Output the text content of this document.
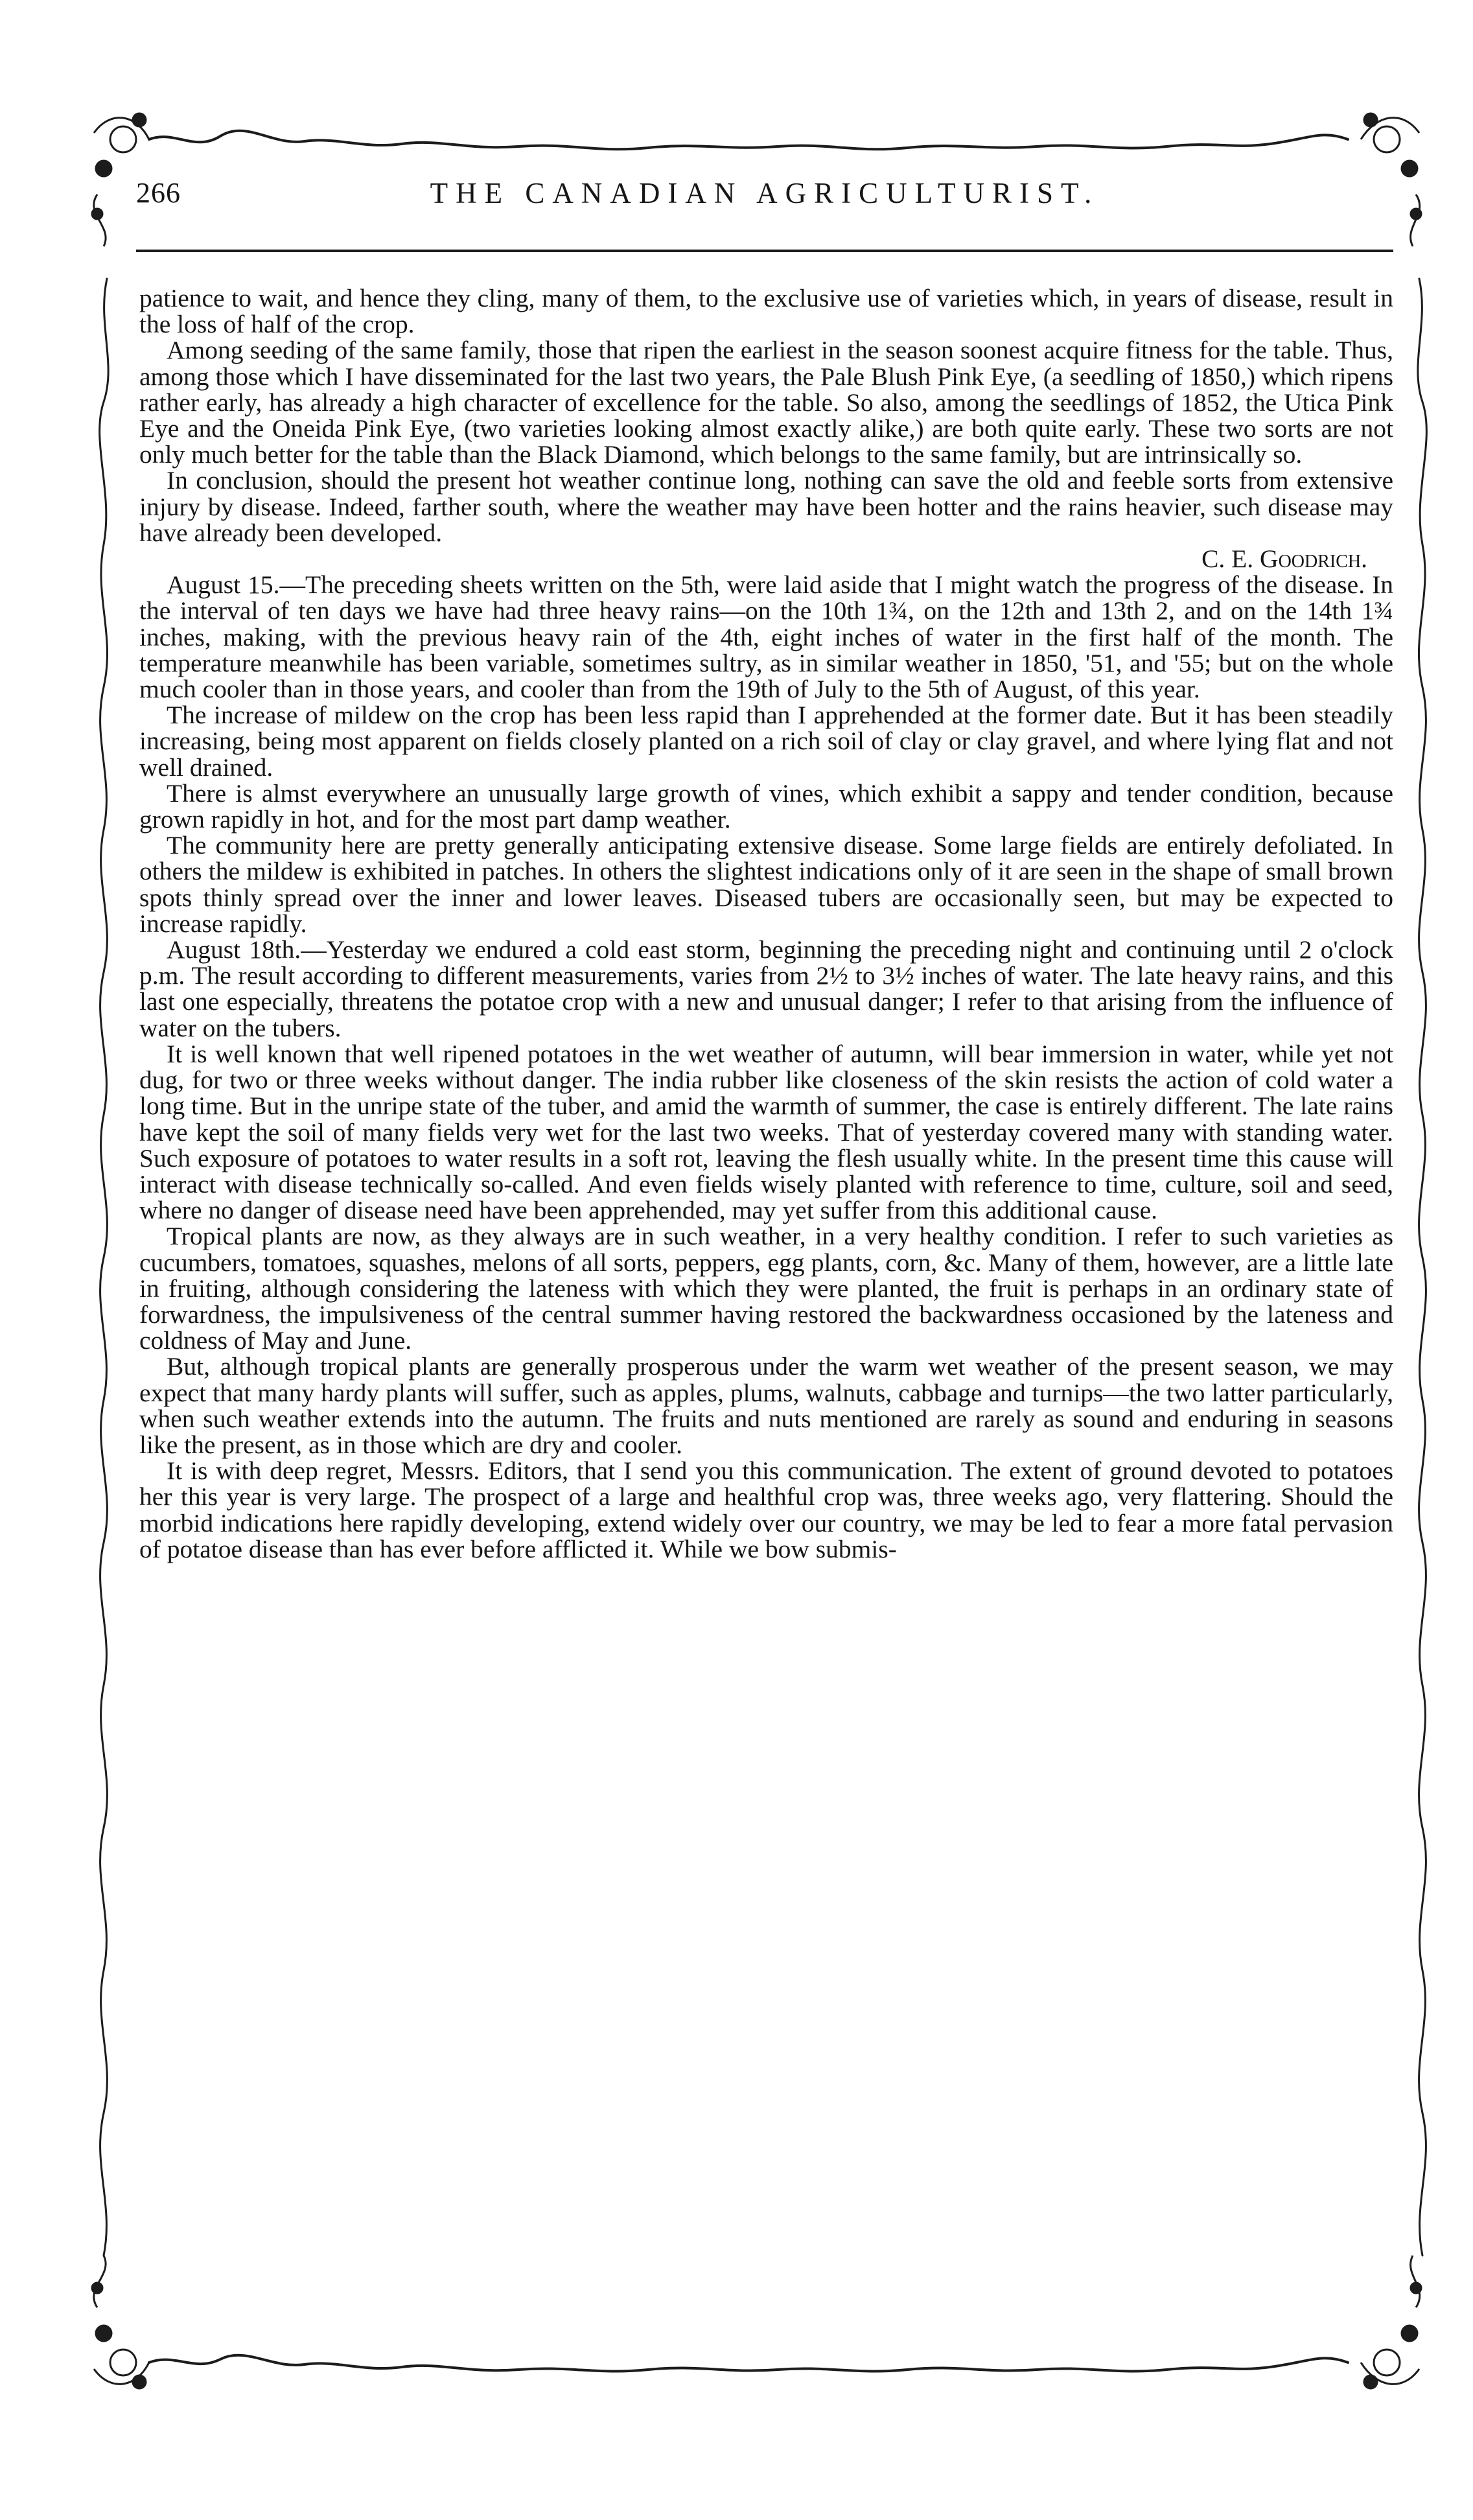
266	THE CANADIAN AGRICULTURIST.

patience to wait, and hence they cling, many of them, to the exclusive use of varieties which, in years of disease, result in the loss of half of the crop.

Among seeding of the same family, those that ripen the earliest in the season soonest acquire fitness for the table. Thus, among those which I have disseminated for the last two years, the Pale Blush Pink Eye, (a seedling of 1850,) which ripens rather early, has already a high character of excellence for the table. So also, among the seedlings of 1852, the Utica Pink Eye and the Oneida Pink Eye, (two varieties looking almost exactly alike,) are both quite early. These two sorts are not only much better for the table than the Black Diamond, which belongs to the same family, but are intrinsically so.

In conclusion, should the present hot weather continue long, nothing can save the old and feeble sorts from extensive injury by disease. Indeed, farther south, where the weather may have been hotter and the rains heavier, such disease may have already been developed.

C. E. Goodrich.

August 15.—The preceding sheets written on the 5th, were laid aside that I might watch the progress of the disease. In the interval of ten days we have had three heavy rains—on the 10th 1¾, on the 12th and 13th 2, and on the 14th 1¾ inches, making, with the previous heavy rain of the 4th, eight inches of water in the first half of the month. The temperature meanwhile has been variable, sometimes sultry, as in similar weather in 1850, '51, and '55; but on the whole much cooler than in those years, and cooler than from the 19th of July to the 5th of August, of this year.

The increase of mildew on the crop has been less rapid than I apprehended at the former date. But it has been steadily increasing, being most apparent on fields closely planted on a rich soil of clay or clay gravel, and where lying flat and not well drained.

There is almst everywhere an unusually large growth of vines, which exhibit a sappy and tender condition, because grown rapidly in hot, and for the most part damp weather.

The community here are pretty generally anticipating extensive disease. Some large fields are entirely defoliated. In others the mildew is exhibited in patches. In others the slightest indications only of it are seen in the shape of small brown spots thinly spread over the inner and lower leaves. Diseased tubers are occasionally seen, but may be expected to increase rapidly.

August 18th.—Yesterday we endured a cold east storm, beginning the preceding night and continuing until 2 o'clock p.m. The result according to different measurements, varies from 2½ to 3½ inches of water. The late heavy rains, and this last one especially, threatens the potatoe crop with a new and unusual danger; I refer to that arising from the influence of water on the tubers.

It is well known that well ripened potatoes in the wet weather of autumn, will bear immersion in water, while yet not dug, for two or three weeks without danger. The india rubber like closeness of the skin resists the action of cold water a long time. But in the unripe state of the tuber, and amid the warmth of summer, the case is entirely different. The late rains have kept the soil of many fields very wet for the last two weeks. That of yesterday covered many with standing water. Such exposure of potatoes to water results in a soft rot, leaving the flesh usually white. In the present time this cause will interact with disease technically so-called. And even fields wisely planted with reference to time, culture, soil and seed, where no danger of disease need have been apprehended, may yet suffer from this additional cause.

Tropical plants are now, as they always are in such weather, in a very healthy condition. I refer to such varieties as cucumbers, tomatoes, squashes, melons of all sorts, peppers, egg plants, corn, &c. Many of them, however, are a little late in fruiting, although considering the lateness with which they were planted, the fruit is perhaps in an ordinary state of forwardness, the impulsiveness of the central summer having restored the backwardness occasioned by the lateness and coldness of May and June.

But, although tropical plants are generally prosperous under the warm wet weather of the present season, we may expect that many hardy plants will suffer, such as apples, plums, walnuts, cabbage and turnips—the two latter particularly, when such weather extends into the autumn. The fruits and nuts mentioned are rarely as sound and enduring in seasons like the present, as in those which are dry and cooler.

It is with deep regret, Messrs. Editors, that I send you this communication. The extent of ground devoted to potatoes her this year is very large. The prospect of a large and healthful crop was, three weeks ago, very flattering. Should the morbid indications here rapidly developing, extend widely over our country, we may be led to fear a more fatal pervasion of potatoe disease than has ever before afflicted it. While we bow submis-
